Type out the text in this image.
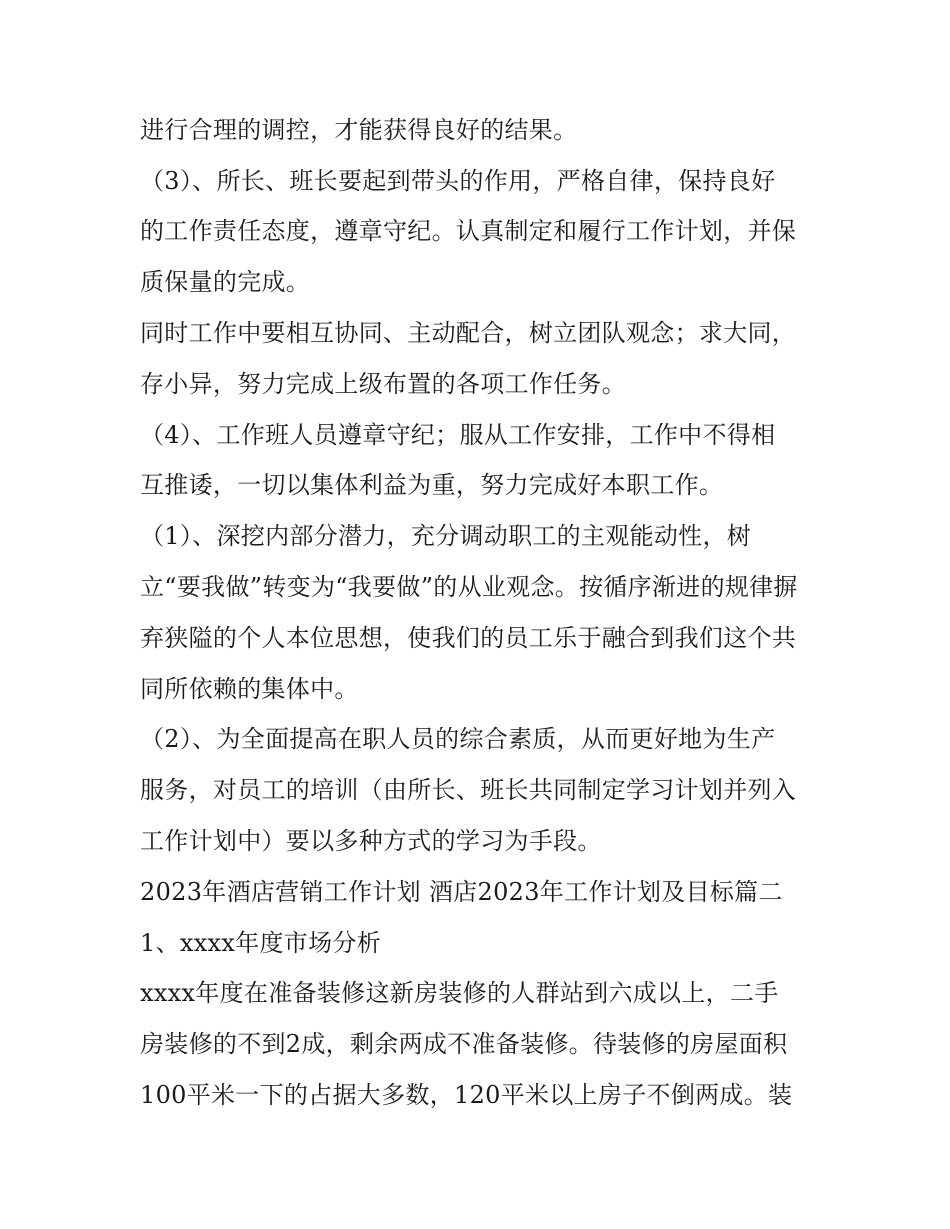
进行合理的调控，才能获得良好的结果。
（3）、所长、班长要起到带头的作用，严格自律，保持良好
的工作责任态度，遵章守纪。认真制定和履行工作计划，并保
质保量的完成。
同时工作中要相互协同、主动配合，树立团队观念；求大同，
存小异，努力完成上级布置的各项工作任务。
（4）、工作班人员遵章守纪；服从工作安排，工作中不得相
互推诿，一切以集体利益为重，努力完成好本职工作。
（1）、深挖内部分潜力，充分调动职工的主观能动性，树
立“要我做”转变为“我要做”的从业观念。按循序渐进的规律摒
弃狭隘的个人本位思想，使我们的员工乐于融合到我们这个共
同所依赖的集体中。
（2）、为全面提高在职人员的综合素质，从而更好地为生产
服务，对员工的培训（由所长、班长共同制定学习计划并列入
工作计划中）要以多种方式的学习为手段。
2023年酒店营销工作计划 酒店2023年工作计划及目标篇二
1、xxxx年度市场分析
xxxx年度在准备装修这新房装修的人群站到六成以上，二手
房装修的不到2成，剩余两成不准备装修。待装修的房屋面积
100平米一下的占据大多数，120平米以上房子不倒两成。装
